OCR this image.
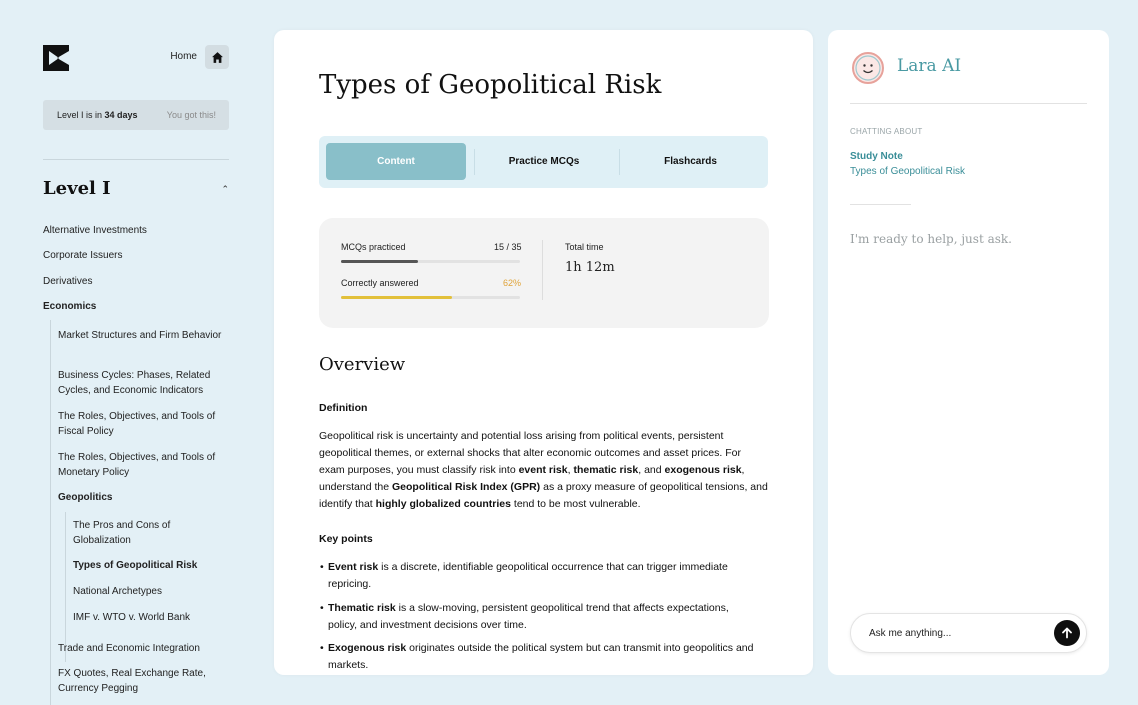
Home
Level I is in 34 days	You got this!
Level I	⌃
Alternative Investments
Corporate Issuers
Derivatives
Economics
Market Structures and Firm Behavior
Business Cycles: Phases, Related Cycles, and Economic Indicators
The Roles, Objectives, and Tools of Fiscal Policy
The Roles, Objectives, and Tools of Monetary Policy
Geopolitics
The Pros and Cons of Globalization
Types of Geopolitical Risk
National Archetypes
IMF v. WTO v. World Bank
Trade and Economic Integration
FX Quotes, Real Exchange Rate, Currency Pegging
Types of Geopolitical Risk
Content	Practice MCQs	Flashcards
MCQs practiced	15 / 35
Correctly answered	62%
Total time
1h 12m
Overview
Definition
Geopolitical risk is uncertainty and potential loss arising from political events, persistent geopolitical themes, or external shocks that alter economic outcomes and asset prices. For exam purposes, you must classify risk into event risk, thematic risk, and exogenous risk, understand the Geopolitical Risk Index (GPR) as a proxy measure of geopolitical tensions, and identify that highly globalized countries tend to be most vulnerable.
Key points
• Event risk is a discrete, identifiable geopolitical occurrence that can trigger immediate repricing.
• Thematic risk is a slow-moving, persistent geopolitical trend that affects expectations, policy, and investment decisions over time.
• Exogenous risk originates outside the political system but can transmit into geopolitics and markets.
Lara AI
CHATTING ABOUT
Study Note
Types of Geopolitical Risk
I'm ready to help, just ask.
Ask me anything...
